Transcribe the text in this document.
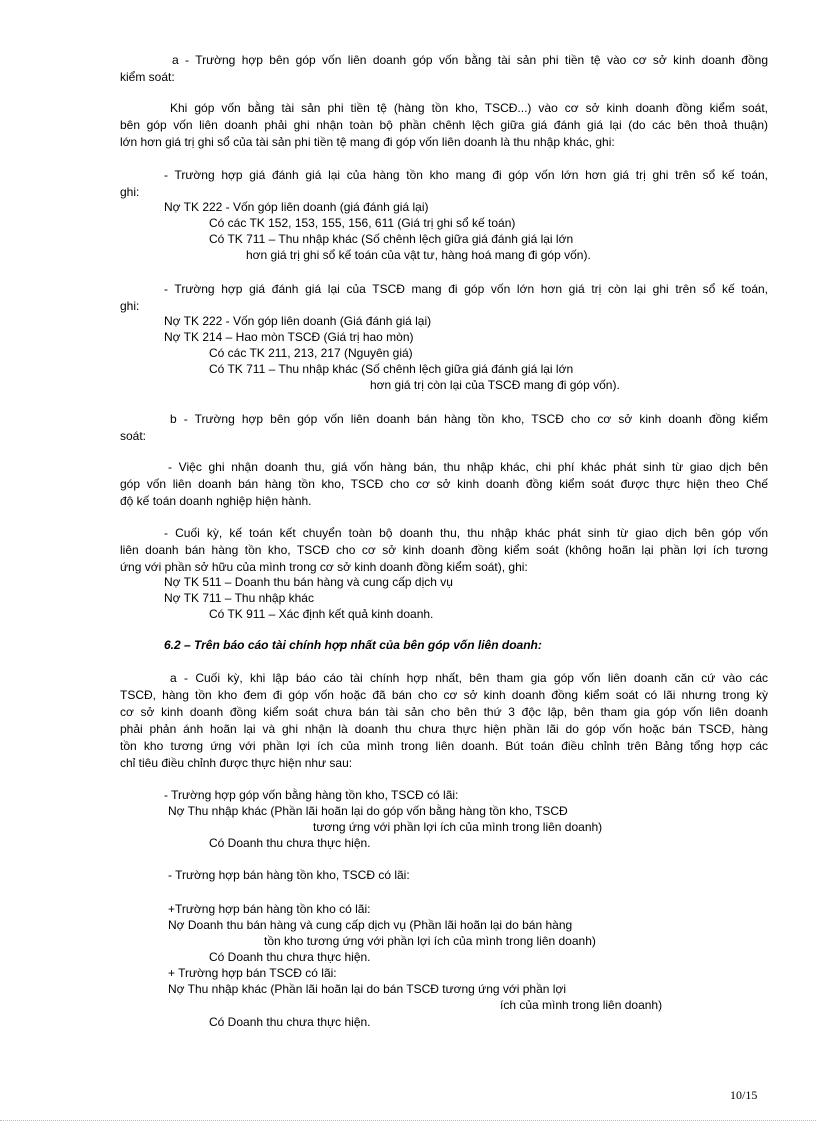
a - Trường hợp bên góp vốn liên doanh góp vốn bằng tài sản phi tiền tệ vào cơ sở kinh doanh đồng
kiểm soát:
Khi góp vốn bằng tài sản phi tiền tệ (hàng tồn kho, TSCĐ...) vào cơ sở kinh doanh đồng kiểm soát,
bên góp vốn liên doanh phải ghi nhận toàn bộ phần chênh lệch giữa giá đánh giá lại (do các bên thoả thuận)
lớn hơn giá trị ghi sổ của tài sản phi tiền tệ mang đi góp vốn liên doanh là thu nhập khác, ghi:
- Trường hợp giá đánh giá lại của hàng tồn kho mang đi góp vốn lớn hơn giá trị ghi trên sổ kế toán,
ghi:
Nợ TK 222 - Vốn góp liên doanh (giá đánh giá lại)
Có các TK 152, 153, 155, 156, 611 (Giá trị ghi sổ kế toán)
Có TK 711 – Thu nhập khác (Số chênh lệch giữa giá đánh giá lại lớn
hơn giá trị ghi sổ kế toán của vật tư, hàng hoá mang đi góp vốn).
- Trường hợp giá đánh giá lại của TSCĐ mang đi góp vốn lớn hơn giá trị còn lại ghi trên sổ kế toán,
ghi:
Nợ TK 222 - Vốn góp liên doanh (Giá đánh giá lại)
Nợ TK 214 – Hao mòn TSCĐ (Giá trị hao mòn)
Có các TK 211, 213, 217 (Nguyên giá)
Có TK 711 – Thu nhập khác (Số chênh lệch giữa giá đánh giá lại lớn
hơn giá trị còn lại của TSCĐ mang đi góp vốn).
b - Trường hợp bên góp vốn liên doanh bán hàng tồn kho, TSCĐ cho cơ sở kinh doanh đồng kiểm
soát:
- Việc ghi nhận doanh thu, giá vốn hàng bán, thu nhập khác, chi phí khác phát sinh từ giao dịch bên
góp vốn liên doanh bán hàng tồn kho, TSCĐ cho cơ sở kinh doanh đồng kiểm soát được thực hiện theo Chế
độ kế toán doanh nghiệp hiện hành.
- Cuối kỳ, kế toán kết chuyển toàn bộ doanh thu, thu nhập khác phát sinh từ giao dịch bên góp vốn
liên doanh bán hàng tồn kho, TSCĐ cho cơ sở kinh doanh đồng kiểm soát (không hoãn lại phần lợi ích tương
ứng với phần sở hữu của mình trong cơ sở kinh doanh đồng kiểm soát), ghi:
Nợ TK 511 – Doanh thu bán hàng và cung cấp dịch vụ
Nợ TK 711 – Thu nhập khác
Có TK 911 – Xác định kết quả kinh doanh.
6.2 – Trên báo cáo tài chính hợp nhất của bên góp vốn liên doanh:
a - Cuối kỳ, khi lập báo cáo tài chính hợp nhất, bên tham gia góp vốn liên doanh căn cứ vào các
TSCĐ, hàng tồn kho đem đi góp vốn hoặc đã bán cho cơ sở kinh doanh đồng kiểm soát có lãi nhưng trong kỳ
cơ sở kinh doanh đồng kiểm soát chưa bán tài sản cho bên thứ 3 độc lập, bên tham gia góp vốn liên doanh
phải phản ánh hoãn lại và ghi nhận là doanh thu chưa thực hiện phần lãi do góp vốn hoặc bán TSCĐ, hàng
tồn kho tương ứng với phần lợi ích của mình trong liên doanh. Bút toán điều chỉnh trên Bảng tổng hợp các
chỉ tiêu điều chỉnh được thực hiện như sau:
- Trường hợp góp vốn bằng hàng tồn kho, TSCĐ có lãi:
Nợ Thu nhập khác (Phần lãi hoãn lại do góp vốn bằng hàng tồn kho, TSCĐ
tương ứng với phần lợi ích của mình trong liên doanh)
Có Doanh thu chưa thực hiện.
- Trường hợp bán hàng tồn kho, TSCĐ có lãi:
+Trường hợp bán hàng tồn kho có lãi:
Nợ Doanh thu bán hàng và cung cấp dịch vụ (Phần lãi hoãn lại do bán hàng
tồn kho tương ứng với phần lợi ích của mình trong liên doanh)
Có Doanh thu chưa thực hiện.
+ Trường hợp bán TSCĐ có lãi:
Nợ Thu nhập khác (Phần lãi hoãn lại do bán TSCĐ tương ứng với phần lợi
ích của mình trong liên doanh)
Có Doanh thu chưa thực hiện.
10/15
